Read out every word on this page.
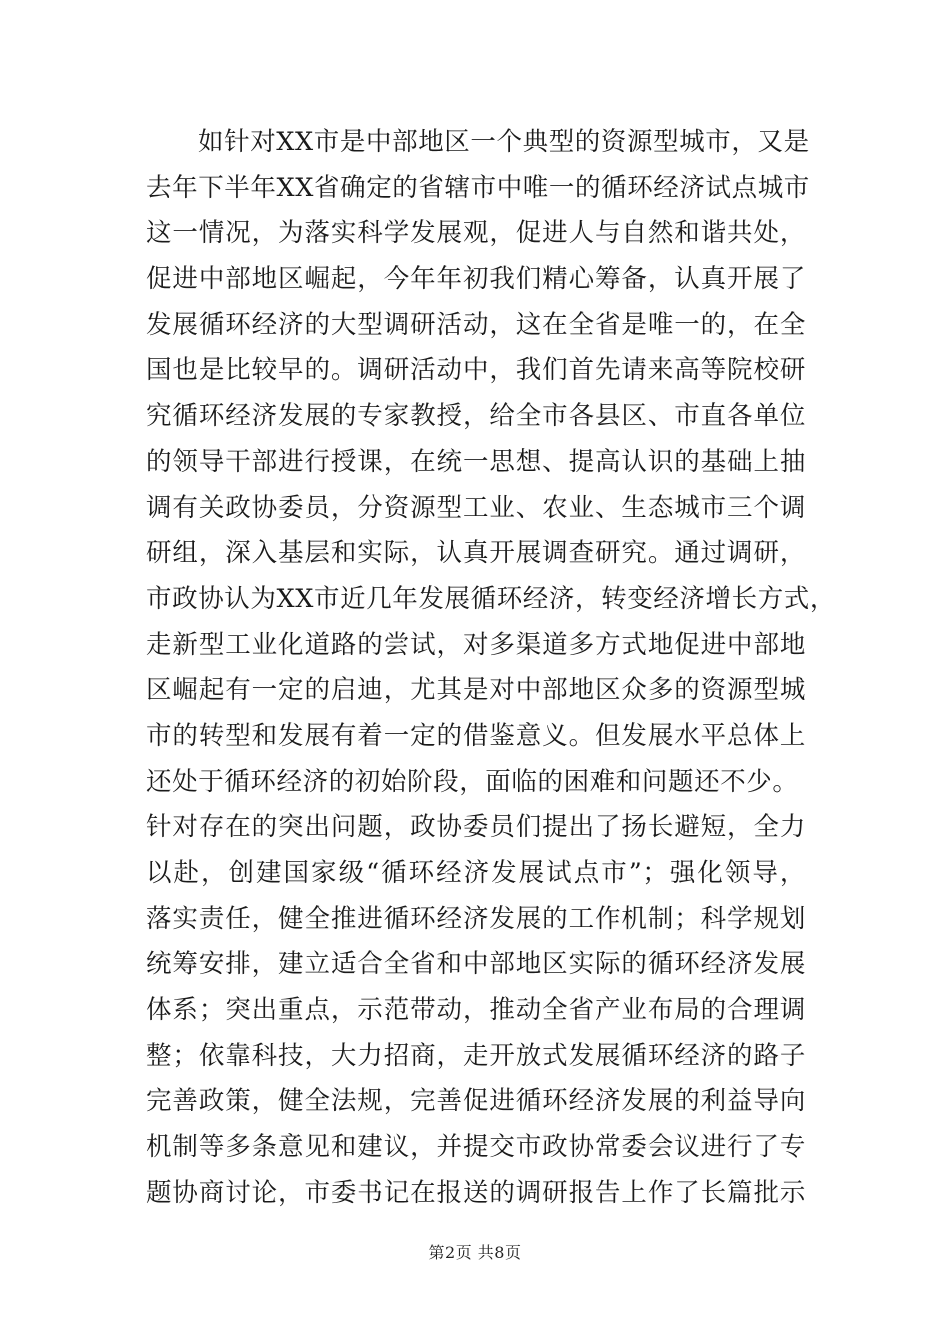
如针对XX市是中部地区一个典型的资源型城市，又是
去年下半年XX省确定的省辖市中唯一的循环经济试点城市
这一情况，为落实科学发展观，促进人与自然和谐共处，
促进中部地区崛起，今年年初我们精心筹备，认真开展了
发展循环经济的大型调研活动，这在全省是唯一的，在全
国也是比较早的。调研活动中，我们首先请来高等院校研
究循环经济发展的专家教授，给全市各县区、市直各单位
的领导干部进行授课，在统一思想、提高认识的基础上抽
调有关政协委员，分资源型工业、农业、生态城市三个调
研组，深入基层和实际，认真开展调查研究。通过调研，
市政协认为XX市近几年发展循环经济，转变经济增长方式，
走新型工业化道路的尝试，对多渠道多方式地促进中部地
区崛起有一定的启迪，尤其是对中部地区众多的资源型城
市的转型和发展有着一定的借鉴意义。但发展水平总体上
还处于循环经济的初始阶段，面临的困难和问题还不少。
针对存在的突出问题，政协委员们提出了扬长避短，全力
以赴，创建国家级“循环经济发展试点市”；强化领导，
落实责任，健全推进循环经济发展的工作机制；科学规划
统筹安排，建立适合全省和中部地区实际的循环经济发展
体系；突出重点，示范带动，推动全省产业布局的合理调
整；依靠科技，大力招商，走开放式发展循环经济的路子
完善政策，健全法规，完善促进循环经济发展的利益导向
机制等多条意见和建议，并提交市政协常委会议进行了专
题协商讨论，市委书记在报送的调研报告上作了长篇批示
第2页 共8页
